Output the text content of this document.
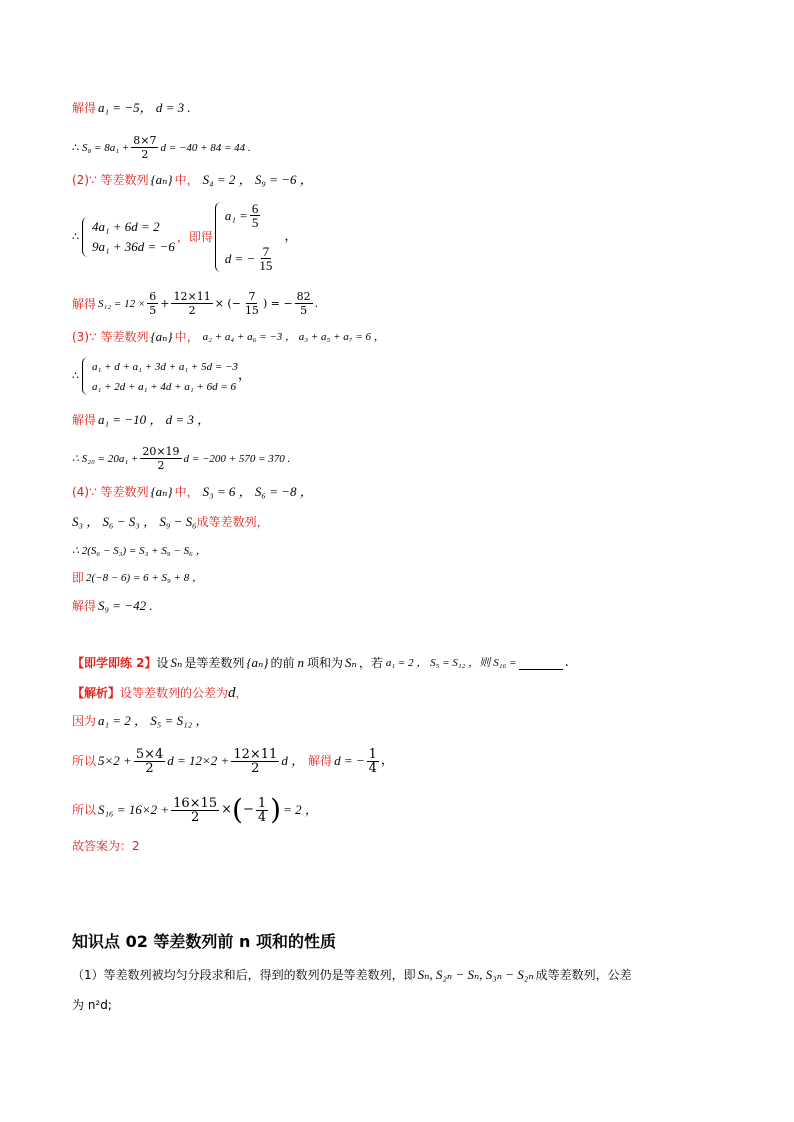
解得 a₁ = −5， d = 3 .
∴ $S_8 = 8a_1 + \frac{8\times 7}{2}$ d = −40 + 84 = 44 .
(2)∵ 等差数列 {aₙ} 中， S₄ = 2 ， S₉ = −6 ，
∴
4a₁ + 6d = 2
9a₁ + 36d = −6
，即得
$a_1 = \frac{6}{5}$
d = − $\frac{7}{15}$
，
解得 $S_{12} = 12 \times \frac{6}{5} + \frac{12\times 11}{2}$ × (− $\frac{7}{15}$ ) = − $\frac{82}{5}$ .
(3)∵ 等差数列 {aₙ} 中， a₂ + a₄ + a₆ = −3 ， a₃ + a₅ + a₇ = 6 ，
∴
a₁ + d + a₁ + 3d + a₁ + 5d = −3
a₁ + 2d + a₁ + 4d + a₁ + 6d = 6
，
解得 a₁ = −10 ， d = 3 ，
∴ $S_{20} = 20a_1 + \frac{20\times 19}{2}$ d = −200 + 570 = 370 .
(4)∵ 等差数列 {aₙ} 中， S₃ = 6 ， S₆ = −8 ，
S₃ ， S₆ − S₃ ， S₉ − S₆ 成等差数列，
∴ 2(S₆ − S₃) = S₃ + S₉ − S₆ ，
即 2(−8 − 6) = 6 + S₉ + 8 ，
解得 S₉ = −42 .
【即学即练 2】 设 Sₙ 是等差数列 {aₙ} 的前 n 项和为 Sₙ ，若 a₁ = 2 ， S₅ = S₁₂ ，则 S₁₆ =	.
【解析】 设等差数列的公差为 d ，
因为 a₁ = 2 ， S₅ = S₁₂ ，
所以 $5\times 2 + \frac{5\times 4}{2}$ $d = 12\times 2 + \frac{12\times 11}{2}$ d ， 解得 d = − $\frac{1}{4}$ ，
所以 $S_{16} = 16\times 2 + \frac{16\times 15}{2}$ × ( − $\frac{1}{4}$ ) = 2 ，
故答案为：2
知识点 02 等差数列前 n 项和的性质
（1）等差数列被均匀分段求和后，得到的数列仍是等差数列，即 Sₙ, S₂ₙ − Sₙ, S₃ₙ − S₂ₙ 成等差数列，公差
为 n²d;
